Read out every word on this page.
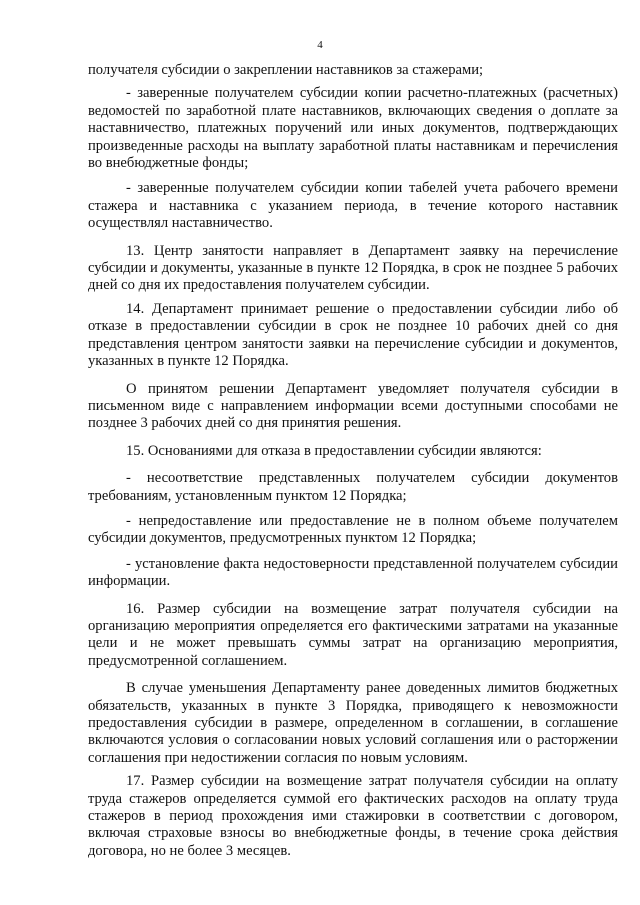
4

получателя субсидии о закреплении наставников за стажерами;

- заверенные получателем субсидии копии расчетно-платежных (расчетных) ведомостей по заработной плате наставников, включающих сведения о доплате за наставничество, платежных поручений или иных документов, подтверждающих произведенные расходы на выплату заработной платы наставникам и перечисления во внебюджетные фонды;

- заверенные получателем субсидии копии табелей учета рабочего времени стажера и наставника с указанием периода, в течение которого наставник осуществлял наставничество.

13. Центр занятости направляет в Департамент заявку на перечисление субсидии и документы, указанные в пункте 12 Порядка, в срок не позднее 5 рабочих дней со дня их предоставления получателем субсидии.

14. Департамент принимает решение о предоставлении субсидии либо об отказе в предоставлении субсидии в срок не позднее 10 рабочих дней со дня представления центром занятости заявки на перечисление субсидии и документов, указанных в пункте 12 Порядка.

О принятом решении Департамент уведомляет получателя субсидии в письменном виде с направлением информации всеми доступными способами не позднее 3 рабочих дней со дня принятия решения.

15. Основаниями для отказа в предоставлении субсидии являются:

- несоответствие представленных получателем субсидии документов требованиям, установленным пунктом 12 Порядка;

- непредоставление или предоставление не в полном объеме получателем субсидии документов, предусмотренных пунктом 12 Порядка;

- установление факта недостоверности представленной получателем субсидии информации.

16. Размер субсидии на возмещение затрат получателя субсидии на организацию мероприятия определяется его фактическими затратами на указанные цели и не может превышать суммы затрат на организацию мероприятия, предусмотренной соглашением.

В случае уменьшения Департаменту ранее доведенных лимитов бюджетных обязательств, указанных в пункте 3 Порядка, приводящего к невозможности предоставления субсидии в размере, определенном в соглашении, в соглашение включаются условия о согласовании новых условий соглашения или о расторжении соглашения при недостижении согласия по новым условиям.

17. Размер субсидии на возмещение затрат получателя субсидии на оплату труда стажеров определяется суммой его фактических расходов на оплату труда стажеров в период прохождения ими стажировки в соответствии с договором, включая страховые взносы во внебюджетные фонды, в течение срока действия договора, но не более 3 месяцев.
